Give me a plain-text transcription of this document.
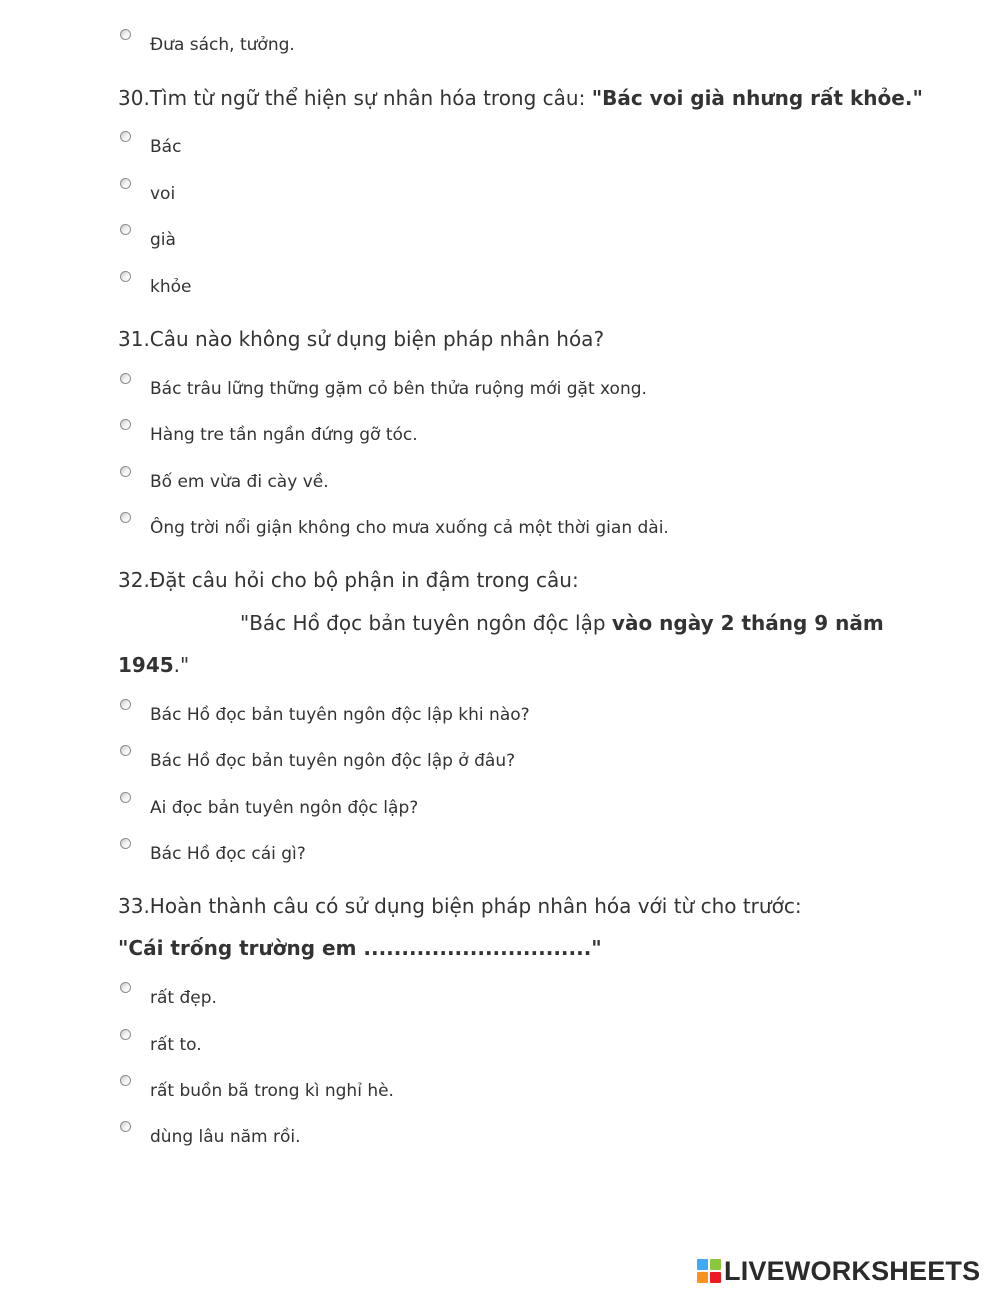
Đưa sách, tưởng.
30.Tìm từ ngữ thể hiện sự nhân hóa trong câu: "Bác voi già nhưng rất khỏe."
Bác
voi
già
khỏe
31.Câu nào không sử dụng biện pháp nhân hóa?
Bác trâu lững thững gặm cỏ bên thửa ruộng mới gặt xong.
Hàng tre tần ngần đứng gỡ tóc.
Bố em vừa đi cày về.
Ông trời nổi giận không cho mưa xuống cả một thời gian dài.
32.Đặt câu hỏi cho bộ phận in đậm trong câu:
"Bác Hồ đọc bản tuyên ngôn độc lập vào ngày 2 tháng 9 năm
1945."
Bác Hồ đọc bản tuyên ngôn độc lập khi nào?
Bác Hồ đọc bản tuyên ngôn độc lập ở đâu?
Ai đọc bản tuyên ngôn độc lập?
Bác Hồ đọc cái gì?
33.Hoàn thành câu có sử dụng biện pháp nhân hóa với từ cho trước:
"Cái trống trường em .............................."
rất đẹp.
rất to.
rất buồn bã trong kì nghỉ hè.
dùng lâu năm rồi.
LIVEWORKSHEETS
